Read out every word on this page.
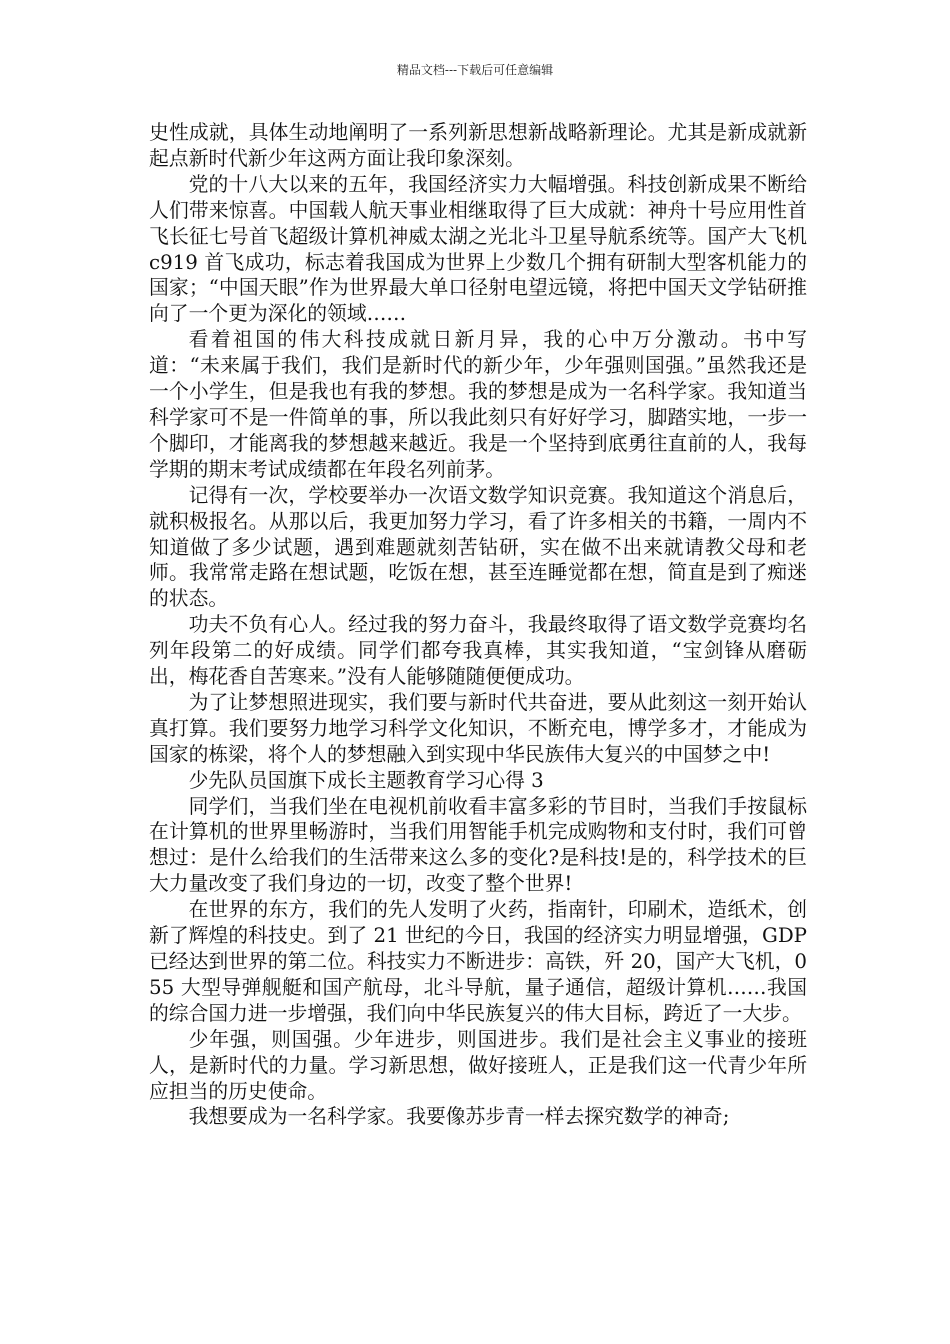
精品文档---下载后可任意编辑

史性成就，具体生动地阐明了一系列新思想新战略新理论。尤其是新成就新起点新时代新少年这两方面让我印象深刻。

党的十八大以来的五年，我国经济实力大幅增强。科技创新成果不断给人们带来惊喜。中国载人航天事业相继取得了巨大成就：神舟十号应用性首飞长征七号首飞超级计算机神威太湖之光北斗卫星导航系统等。国产大飞机 c919 首飞成功，标志着我国成为世界上少数几个拥有研制大型客机能力的国家；“中国天眼”作为世界最大单口径射电望远镜，将把中国天文学钻研推向了一个更为深化的领域……

看着祖国的伟大科技成就日新月异，我的心中万分激动。书中写道：“未来属于我们，我们是新时代的新少年，少年强则国强。”虽然我还是一个小学生，但是我也有我的梦想。我的梦想是成为一名科学家。我知道当科学家可不是一件简单的事，所以我此刻只有好好学习，脚踏实地，一步一个脚印，才能离我的梦想越来越近。我是一个坚持到底勇往直前的人，我每学期的期末考试成绩都在年段名列前茅。

记得有一次，学校要举办一次语文数学知识竞赛。我知道这个消息后，就积极报名。从那以后，我更加努力学习，看了许多相关的书籍，一周内不知道做了多少试题，遇到难题就刻苦钻研，实在做不出来就请教父母和老师。我常常走路在想试题，吃饭在想，甚至连睡觉都在想，简直是到了痴迷的状态。

功夫不负有心人。经过我的努力奋斗，我最终取得了语文数学竞赛均名列年段第二的好成绩。同学们都夸我真棒，其实我知道，“宝剑锋从磨砺出，梅花香自苦寒来。”没有人能够随随便便成功。

为了让梦想照进现实，我们要与新时代共奋进，要从此刻这一刻开始认真打算。我们要努力地学习科学文化知识，不断充电，博学多才，才能成为国家的栋梁，将个人的梦想融入到实现中华民族伟大复兴的中国梦之中!

少先队员国旗下成长主题教育学习心得 3

同学们，当我们坐在电视机前收看丰富多彩的节目时，当我们手按鼠标在计算机的世界里畅游时，当我们用智能手机完成购物和支付时，我们可曾想过：是什么给我们的生活带来这么多的变化?是科技!是的，科学技术的巨大力量改变了我们身边的一切，改变了整个世界!

在世界的东方，我们的先人发明了火药，指南针，印刷术，造纸术，创新了辉煌的科技史。到了 21 世纪的今日，我国的经济实力明显增强，GDP 已经达到世界的第二位。科技实力不断进步：高铁，歼 20，国产大飞机，055 大型导弹舰艇和国产航母，北斗导航，量子通信，超级计算机……我国的综合国力进一步增强，我们向中华民族复兴的伟大目标，跨近了一大步。

少年强，则国强。少年进步，则国进步。我们是社会主义事业的接班人，是新时代的力量。学习新思想，做好接班人，正是我们这一代青少年所应担当的历史使命。

我想要成为一名科学家。我要像苏步青一样去探究数学的神奇;
